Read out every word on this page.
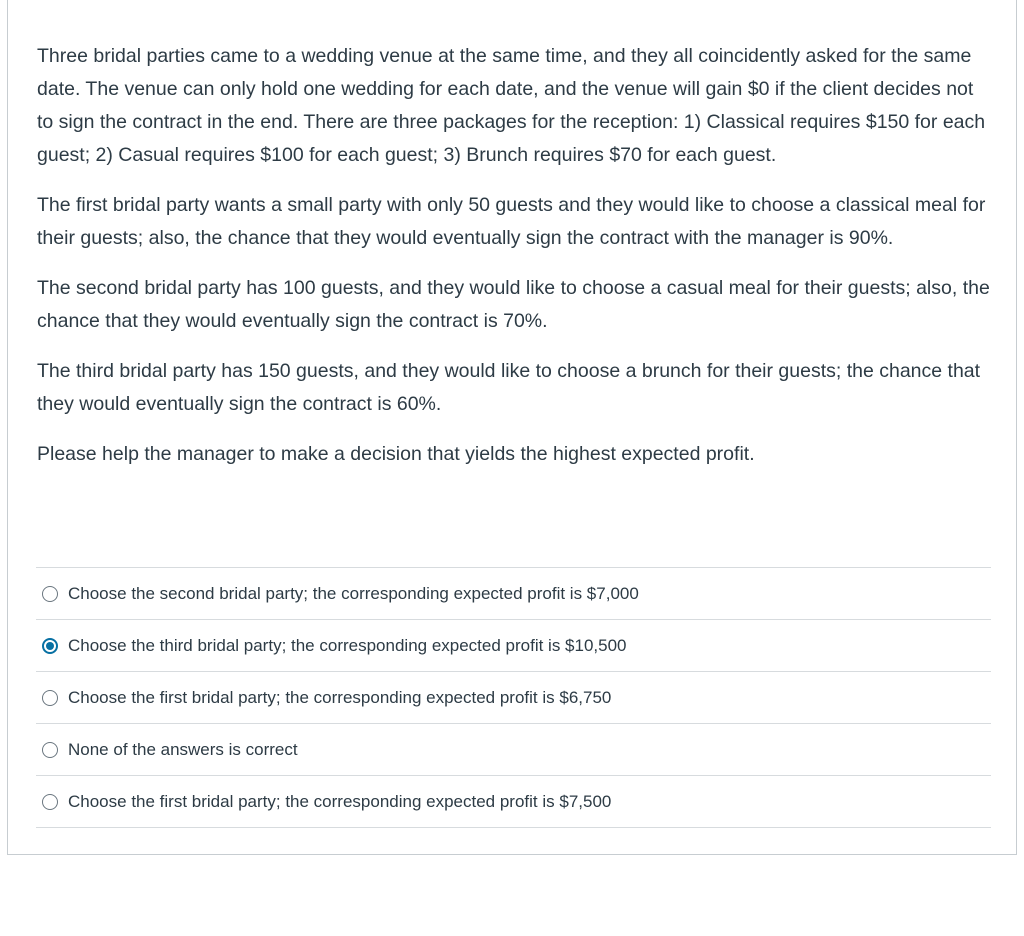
Three bridal parties came to a wedding venue at the same time, and they all coincidently asked for the same date. The venue can only hold one wedding for each date, and the venue will gain $0 if the client decides not to sign the contract in the end. There are three packages for the reception: 1) Classical requires $150 for each guest; 2) Casual requires $100 for each guest; 3) Brunch requires $70 for each guest.

The first bridal party wants a small party with only 50 guests and they would like to choose a classical meal for their guests; also, the chance that they would eventually sign the contract with the manager is 90%.

The second bridal party has 100 guests, and they would like to choose a casual meal for their guests; also, the chance that they would eventually sign the contract is 70%.

The third bridal party has 150 guests, and they would like to choose a brunch for their guests; the chance that they would eventually sign the contract is 60%.

Please help the manager to make a decision that yields the highest expected profit.

Choose the second bridal party; the corresponding expected profit is $7,000
Choose the third bridal party; the corresponding expected profit is $10,500
Choose the first bridal party; the corresponding expected profit is $6,750
None of the answers is correct
Choose the first bridal party; the corresponding expected profit is $7,500
